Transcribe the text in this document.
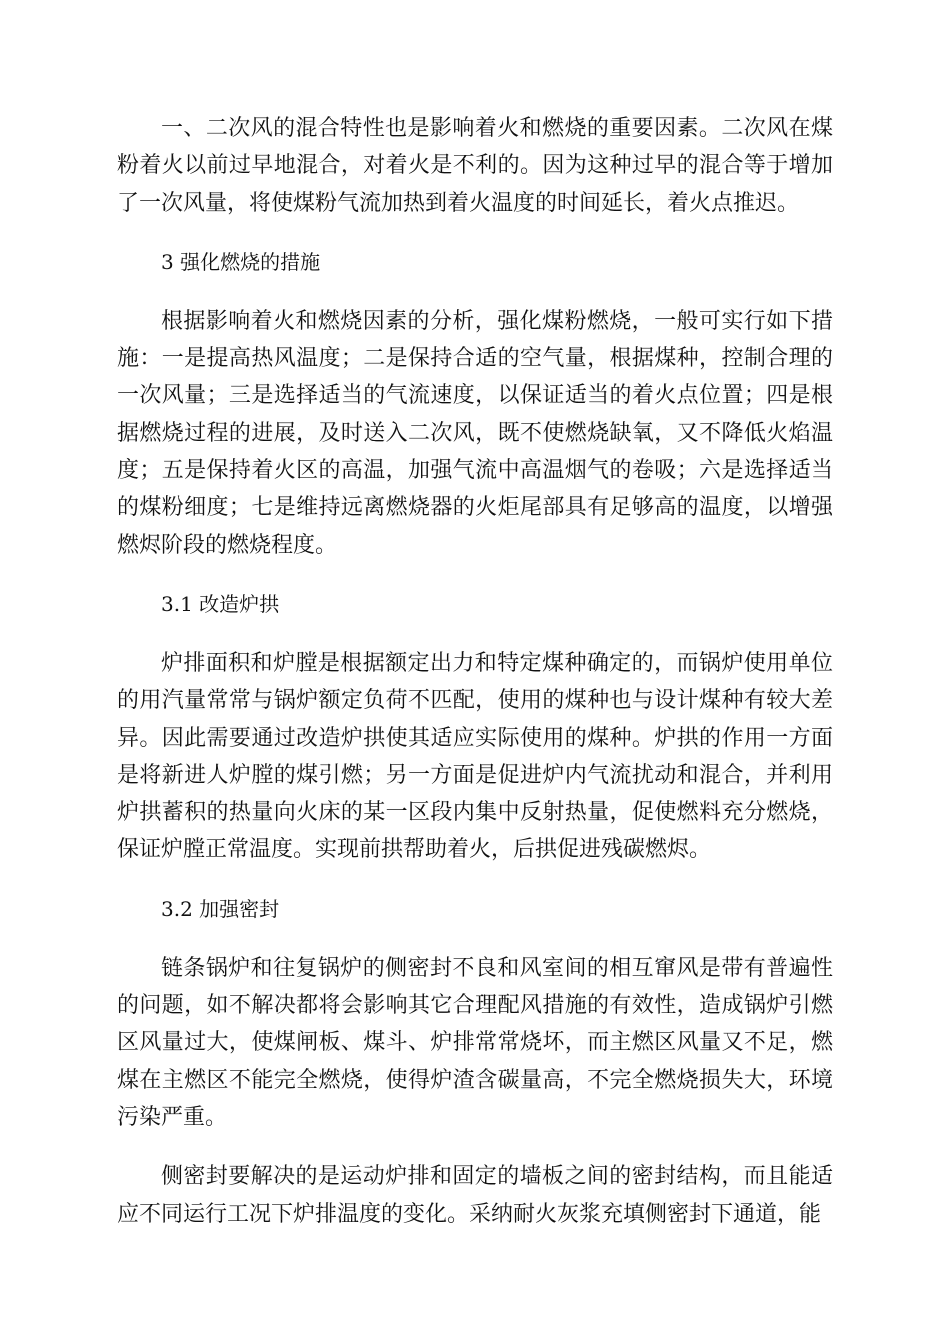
一、二次风的混合特性也是影响着火和燃烧的重要因素。二次风在煤粉着火以前过早地混合，对着火是不利的。因为这种过早的混合等于增加了一次风量，将使煤粉气流加热到着火温度的时间延长，着火点推迟。

3 强化燃烧的措施

根据影响着火和燃烧因素的分析，强化煤粉燃烧，一般可实行如下措施：一是提高热风温度；二是保持合适的空气量，根据煤种，控制合理的一次风量；三是选择适当的气流速度，以保证适当的着火点位置；四是根据燃烧过程的进展，及时送入二次风，既不使燃烧缺氧，又不降低火焰温度；五是保持着火区的高温，加强气流中高温烟气的卷吸；六是选择适当的煤粉细度；七是维持远离燃烧器的火炬尾部具有足够高的温度，以增强燃烬阶段的燃烧程度。

3.1 改造炉拱

炉排面积和炉膛是根据额定出力和特定煤种确定的，而锅炉使用单位的用汽量常常与锅炉额定负荷不匹配，使用的煤种也与设计煤种有较大差异。因此需要通过改造炉拱使其适应实际使用的煤种。炉拱的作用一方面是将新进人炉膛的煤引燃；另一方面是促进炉内气流扰动和混合，并利用炉拱蓄积的热量向火床的某一区段内集中反射热量，促使燃料充分燃烧，保证炉膛正常温度。实现前拱帮助着火，后拱促进残碳燃烬。

3.2 加强密封

链条锅炉和往复锅炉的侧密封不良和风室间的相互窜风是带有普遍性的问题，如不解决都将会影响其它合理配风措施的有效性，造成锅炉引燃区风量过大，使煤闸板、煤斗、炉排常常烧坏，而主燃区风量又不足，燃煤在主燃区不能完全燃烧，使得炉渣含碳量高，不完全燃烧损失大，环境污染严重。

侧密封要解决的是运动炉排和固定的墙板之间的密封结构，而且能适应不同运行工况下炉排温度的变化。采纳耐火灰浆充填侧密封下通道，能
